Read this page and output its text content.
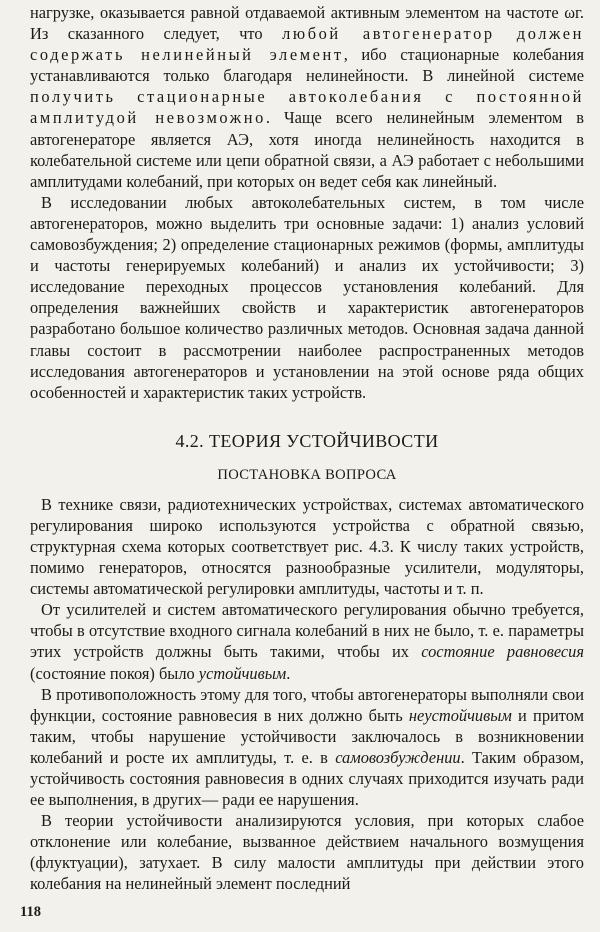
нагрузке, оказывается равной отдаваемой активным элементом на частоте ωг. Из сказанного следует, что любой автогенератор должен содержать нелинейный элемент, ибо стационарные колебания устанавливаются только благодаря нелинейности. В линейной системе получить стационарные автоколебания с постоянной амплитудой невозможно. Чаще всего нелинейным элементом в автогенераторе является АЭ, хотя иногда нелинейность находится в колебательной системе или цепи обратной связи, а АЭ работает с небольшими амплитудами колебаний, при которых он ведет себя как линейный.

В исследовании любых автоколебательных систем, в том числе автогенераторов, можно выделить три основные задачи: 1) анализ условий самовозбуждения; 2) определение стационарных режимов (формы, амплитуды и частоты генерируемых колебаний) и анализ их устойчивости; 3) исследование переходных процессов установления колебаний. Для определения важнейших свойств и характеристик автогенераторов разработано большое количество различных методов. Основная задача данной главы состоит в рассмотрении наиболее распространенных методов исследования автогенераторов и установлении на этой основе ряда общих особенностей и характеристик таких устройств.

4.2. ТЕОРИЯ УСТОЙЧИВОСТИ
ПОСТАНОВКА ВОПРОСА

В технике связи, радиотехнических устройствах, системах автоматического регулирования широко используются устройства с обратной связью, структурная схема которых соответствует рис. 4.3. К числу таких устройств, помимо генераторов, относятся разнообразные усилители, модуляторы, системы автоматической регулировки амплитуды, частоты и т. п.

От усилителей и систем автоматического регулирования обычно требуется, чтобы в отсутствие входного сигнала колебаний в них не было, т. е. параметры этих устройств должны быть такими, чтобы их состояние равновесия (состояние покоя) было устойчивым.

В противоположность этому для того, чтобы автогенераторы выполняли свои функции, состояние равновесия в них должно быть неустойчивым и притом таким, чтобы нарушение устойчивости заключалось в возникновении колебаний и росте их амплитуды, т. е. в самовозбуждении. Таким образом, устойчивость состояния равновесия в одних случаях приходится изучать ради ее выполнения, в других— ради ее нарушения.

В теории устойчивости анализируются условия, при которых слабое отклонение или колебание, вызванное действием начального возмущения (флуктуации), затухает. В силу малости амплитуды при действии этого колебания на нелинейный элемент последний

118
